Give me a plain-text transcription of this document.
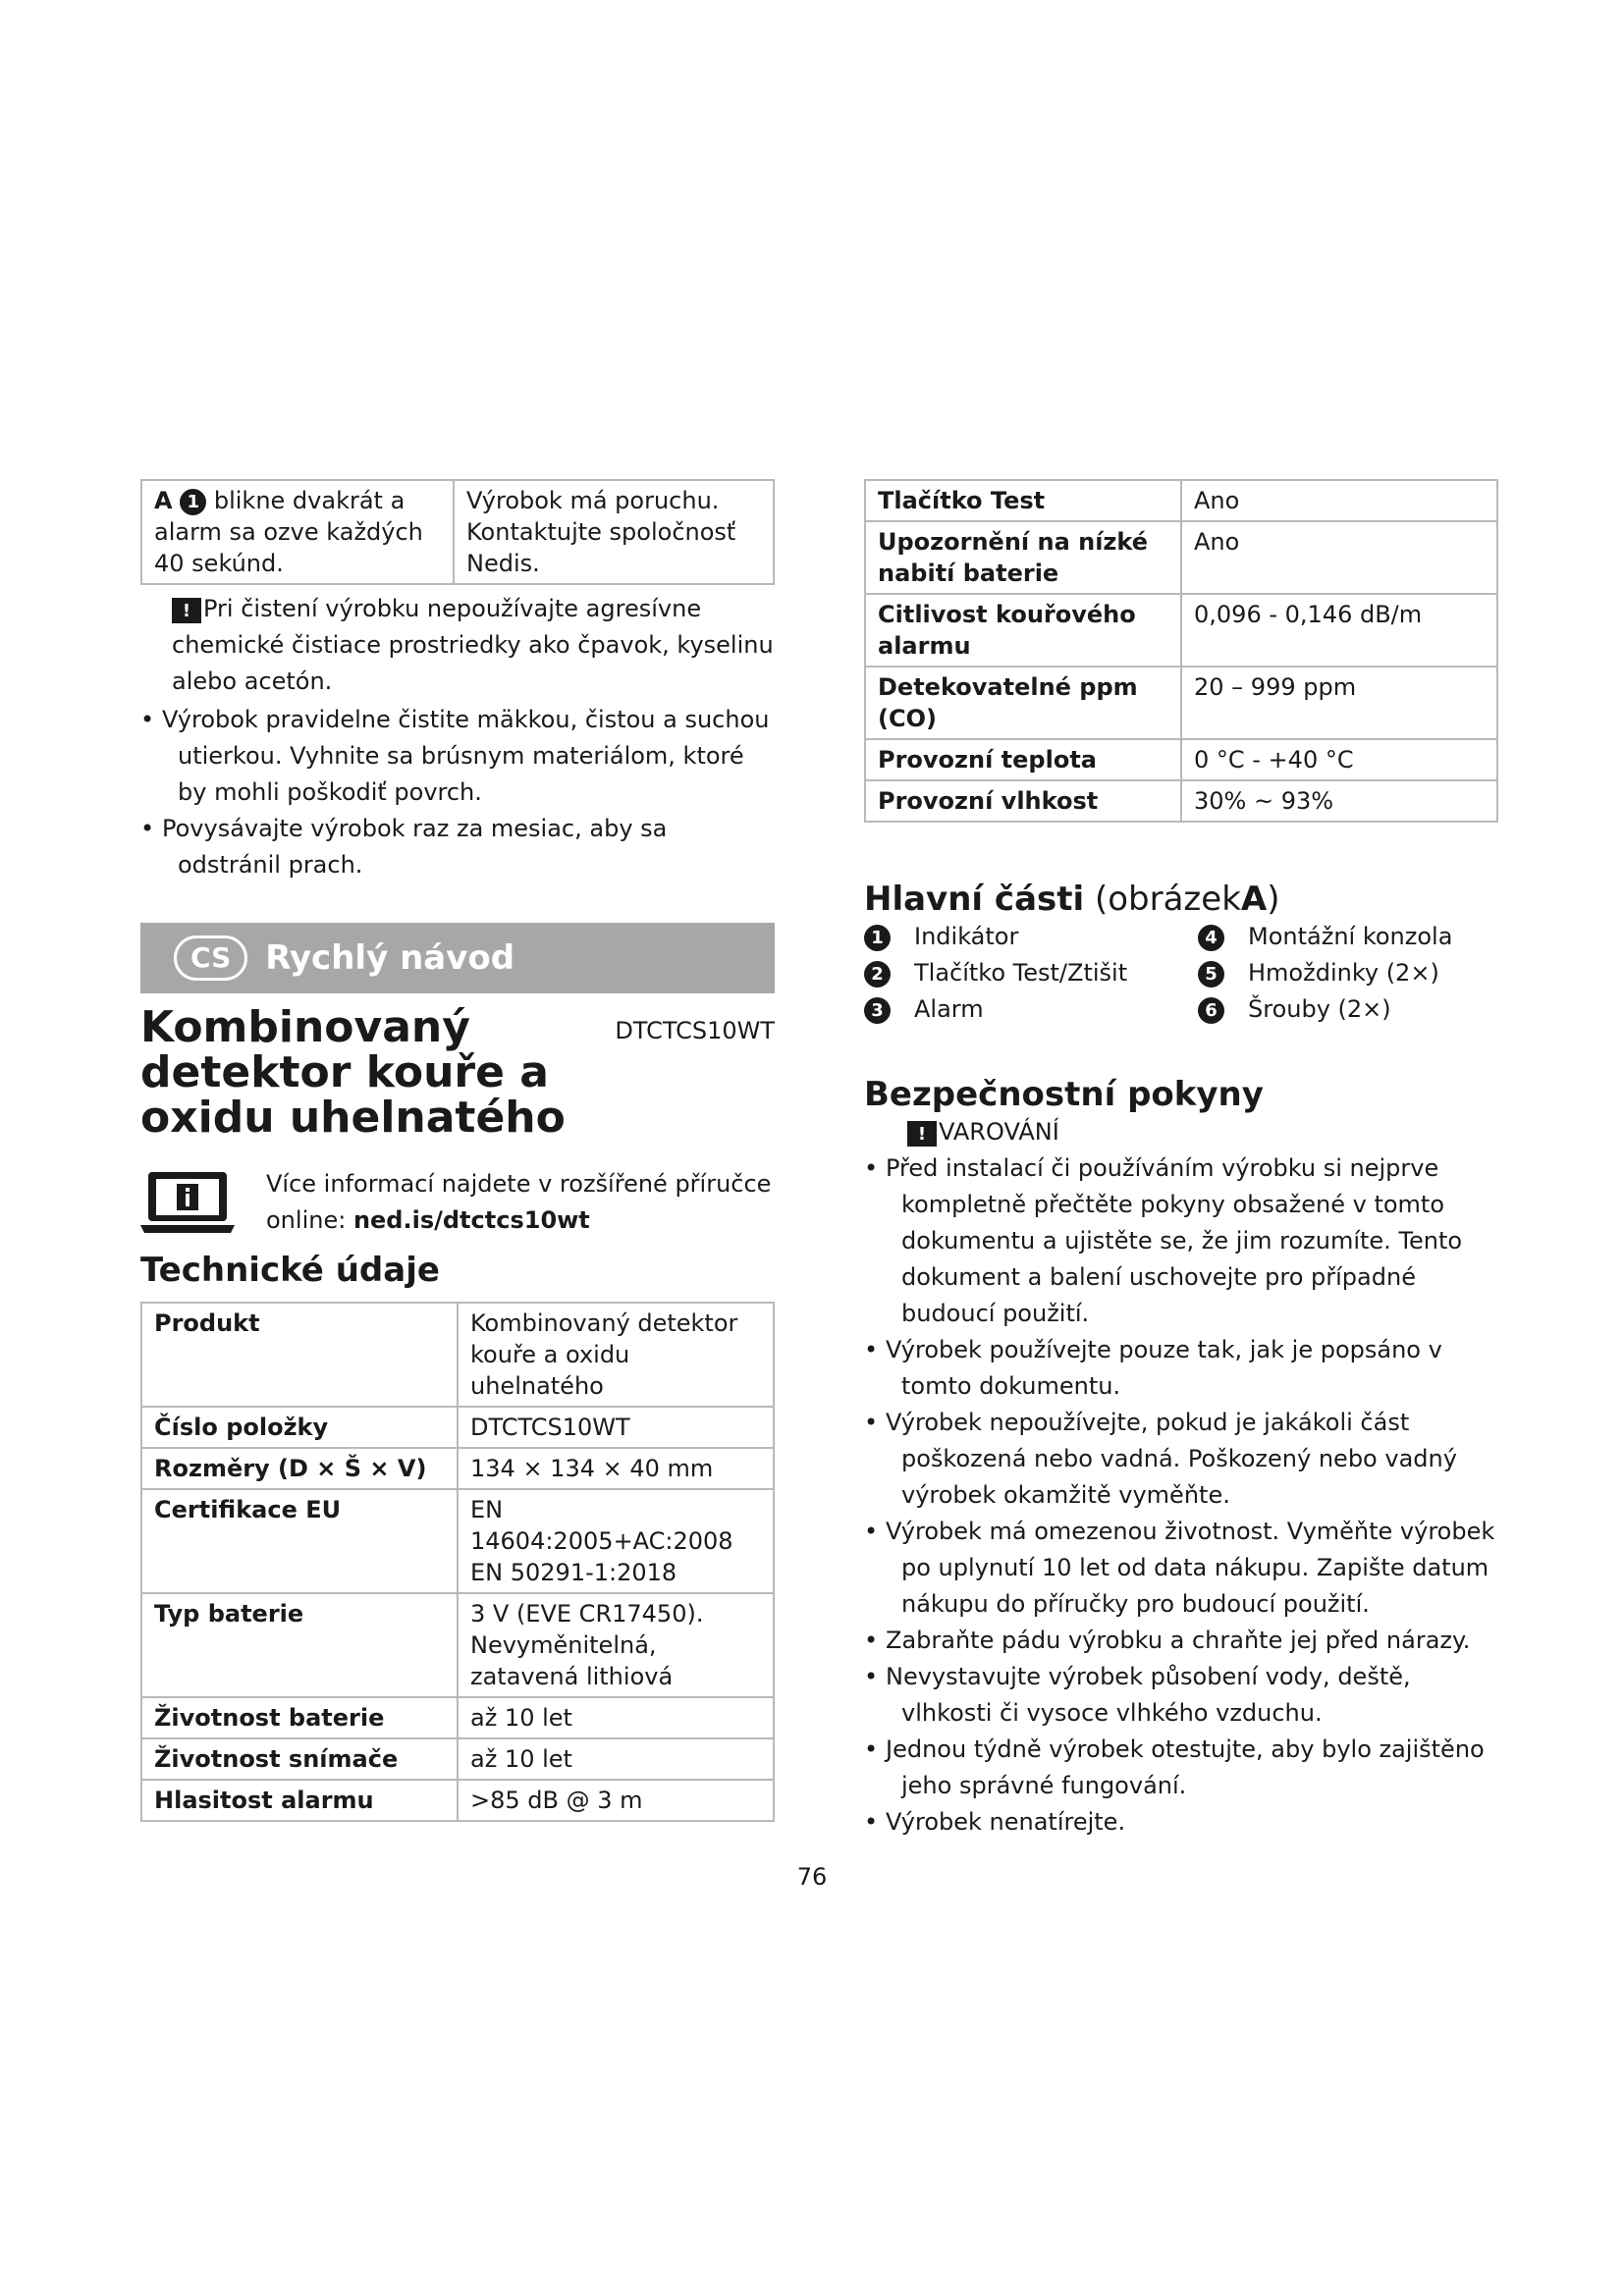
A 1 blikne dvakrát a alarm sa ozve každých 40 sekúnd.	Výrobok má poruchu. Kontaktujte spoločnosť Nedis.
! Pri čistení výrobku nepoužívajte agresívne chemické čistiace prostriedky ako čpavok, kyselinu alebo acetón.
• Výrobok pravidelne čistite mäkkou, čistou a suchou utierkou. Vyhnite sa brúsnym materiálom, ktoré by mohli poškodiť povrch.
• Povysávajte výrobok raz za mesiac, aby sa odstránil prach.
CS	Rychlý návod
Kombinovaný detektor kouře a oxidu uhelnatého
DTCTCS10WT
Více informací najdete v rozšířené příručce online: ned.is/dtctcs10wt
Technické údaje
Produkt	Kombinovaný detektor kouře a oxidu uhelnatého
Číslo položky	DTCTCS10WT
Rozměry (D × Š × V)	134 × 134 × 40 mm
Certifikace EU	EN 14604:2005+AC:2008 EN 50291-1:2018
Typ baterie	3 V (EVE CR17450). Nevyměnitelná, zatavená lithiová
Životnost baterie	až 10 let
Životnost snímače	až 10 let
Hlasitost alarmu	>85 dB @ 3 m
Tlačítko Test	Ano
Upozornění na nízké nabití baterie	Ano
Citlivost kouřového alarmu	0,096 - 0,146 dB/m
Detekovatelné ppm (CO)	20 – 999 ppm
Provozní teplota	0 °C - +40 °C
Provozní vlhkost	30% ~ 93%
Hlavní části (obrázekA)
1 Indikátor
2 Tlačítko Test/Ztišit
3 Alarm
4 Montážní konzola
5 Hmoždinky (2×)
6 Šrouby (2×)
Bezpečnostní pokyny
! VAROVÁNÍ
• Před instalací či používáním výrobku si nejprve kompletně přečtěte pokyny obsažené v tomto dokumentu a ujistěte se, že jim rozumíte. Tento dokument a balení uschovejte pro případné budoucí použití.
• Výrobek používejte pouze tak, jak je popsáno v tomto dokumentu.
• Výrobek nepoužívejte, pokud je jakákoli část poškozená nebo vadná. Poškozený nebo vadný výrobek okamžitě vyměňte.
• Výrobek má omezenou životnost. Vyměňte výrobek po uplynutí 10 let od data nákupu. Zapište datum nákupu do příručky pro budoucí použití.
• Zabraňte pádu výrobku a chraňte jej před nárazy.
• Nevystavujte výrobek působení vody, deště, vlhkosti či vysoce vlhkého vzduchu.
• Jednou týdně výrobek otestujte, aby bylo zajištěno jeho správné fungování.
• Výrobek nenatírejte.
76
